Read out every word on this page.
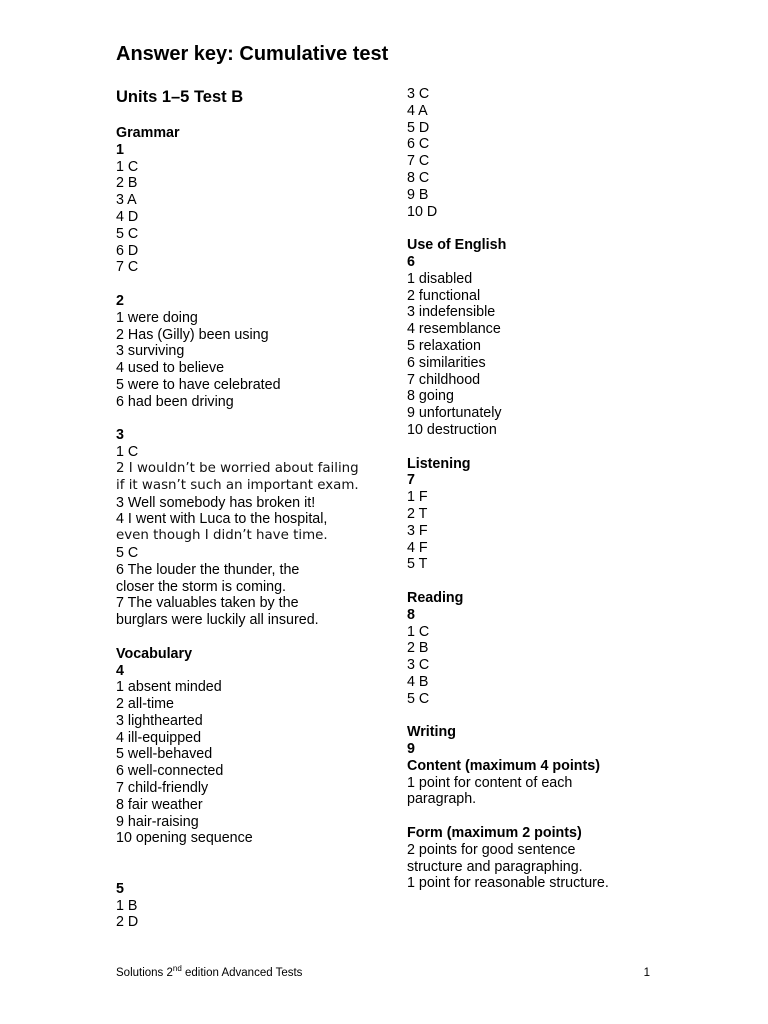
Answer key: Cumulative test
Units 1–5 Test B
Grammar
1
1 C
2 B
3 A
4 D
5 C
6 D
7 C
2
1 were doing
2 Has (Gilly) been using
3 surviving
4 used to believe
5 were to have celebrated
6 had been driving
3
1 C
2 I wouldn’t be worried about failing
if it wasn’t such an important exam.
3 Well somebody has broken it!
4 I went with Luca to the hospital,
even though I didn’t have time.
5 C
6 The louder the thunder, the closer the storm is coming.
7 The valuables taken by the burglars were luckily all insured.
Vocabulary
4
1 absent minded
2 all-time
3 lighthearted
4 ill-equipped
5 well-behaved
6 well-connected
7 child-friendly
8 fair weather
9 hair-raising
10 opening sequence
5
1 B
2 D
3 C
4 A
5 D
6 C
7 C
8 C
9 B
10 D
Use of English
6
1 disabled
2 functional
3 indefensible
4 resemblance
5 relaxation
6 similarities
7 childhood
8 going
9 unfortunately
10 destruction
Listening
7
1 F
2 T
3 F
4 F
5 T
Reading
8
1 C
2 B
3 C
4 B
5 C
Writing
9
Content (maximum 4 points)
1 point for content of each paragraph.
Form (maximum 2 points)
2 points for good sentence structure and paragraphing.
1 point for reasonable structure.
Solutions 2nd edition Advanced Tests	1
